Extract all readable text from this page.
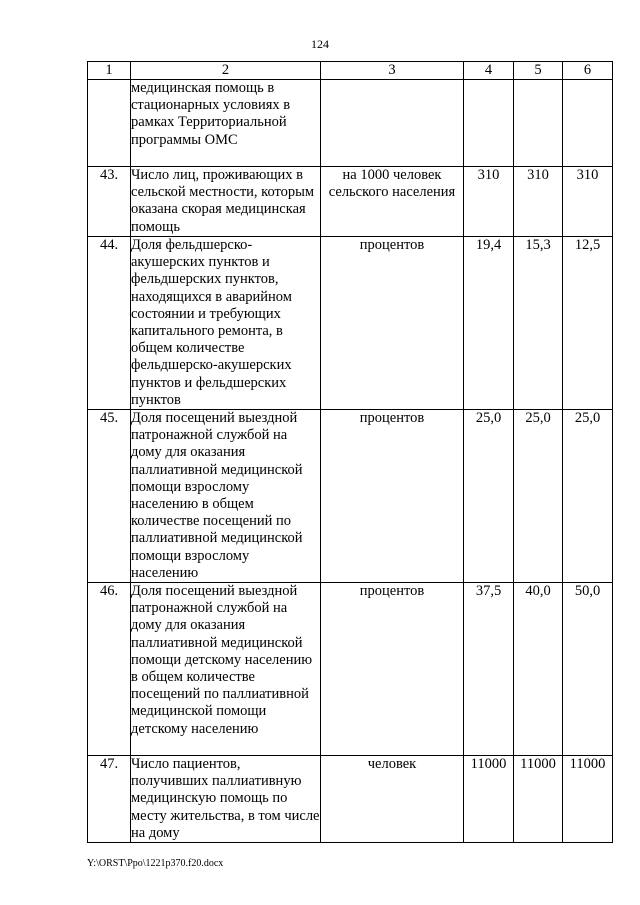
124
1	2	3	4	5	6
	медицинская помощь в стационарных условиях в рамках Территориальной программы ОМС				
43.	Число лиц, проживающих в сельской местности, которым оказана скорая медицинская помощь	на 1000 человек сельского населения	310	310	310
44.	Доля фельдшерско-акушерских пунктов и фельдшерских пунктов, находящихся в аварийном состоянии и требующих капитального ремонта, в общем количестве фельдшерско-акушерских пунктов и фельдшерских пунктов	процентов	19,4	15,3	12,5
45.	Доля посещений выездной патронажной службой на дому для оказания паллиативной медицинской помощи взрослому населению в общем количестве посещений по паллиативной медицинской помощи взрослому населению	процентов	25,0	25,0	25,0
46.	Доля посещений выездной патронажной службой на дому для оказания паллиативной медицинской помощи детскому населению в общем количестве посещений по паллиативной медицинской помощи детскому населению	процентов	37,5	40,0	50,0
47.	Число пациентов, получивших паллиативную медицинскую помощь по месту жительства, в том числе на дому	человек	11000	11000	11000
Y:\ORST\Ppo\1221p370.f20.docx
